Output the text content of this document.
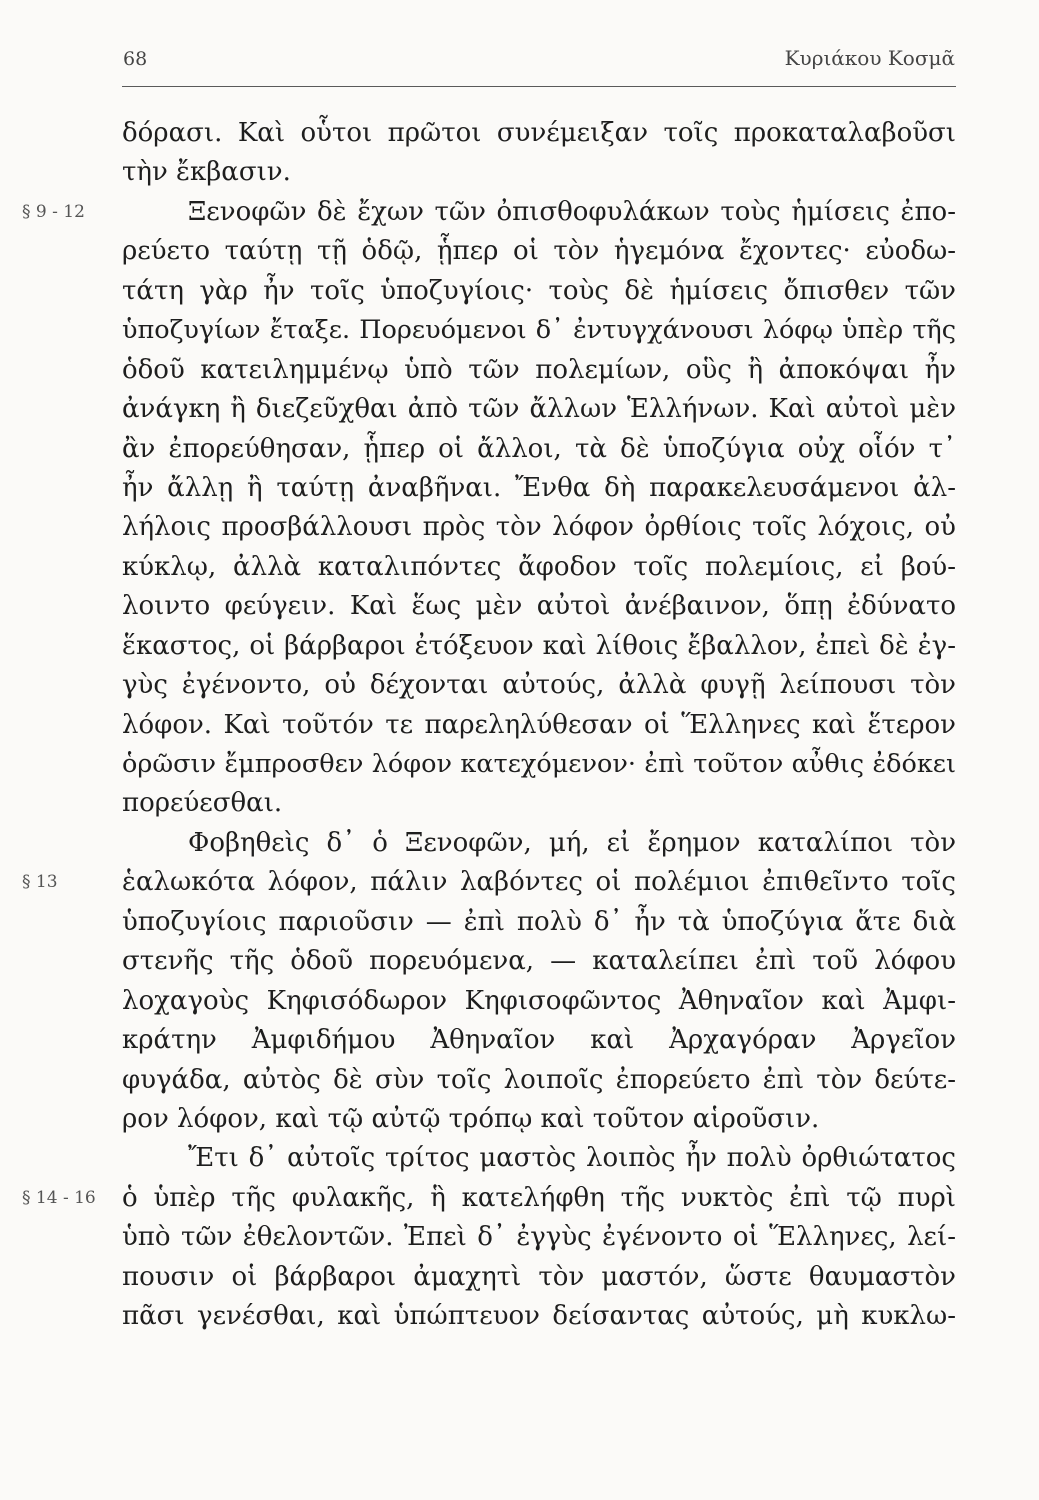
68	Κυριάκου Κοσμᾶ
§ 9 - 12
§ 13
§ 14 - 16
δόρασι. Καὶ οὗτοι πρῶτοι συνέμειξαν τοῖς προκαταλαβοῦσι
τὴν ἔκβασιν.
Ξενοφῶν δὲ ἔχων τῶν ὀπισθοφυλάκων τοὺς ἡμίσεις ἐπο-
ρεύετο ταύτῃ τῇ ὁδῷ, ᾗπερ οἱ τὸν ἡγεμόνα ἔχοντες· εὐοδω-
τάτη γὰρ ἦν τοῖς ὑποζυγίοις· τοὺς δὲ ἡμίσεις ὄπισθεν τῶν
ὑποζυγίων ἔταξε. Πορευόμενοι δ᾽ ἐντυγχάνουσι λόφῳ ὑπὲρ τῆς
ὁδοῦ κατειλημμένῳ ὑπὸ τῶν πολεμίων, οὓς ἢ ἀποκόψαι ἦν
ἀνάγκη ἢ διεζεῦχθαι ἀπὸ τῶν ἄλλων Ἑλλήνων. Καὶ αὐτοὶ μὲν
ἂν ἐπορεύθησαν, ᾗπερ οἱ ἄλλοι, τὰ δὲ ὑποζύγια οὐχ οἷόν τ᾽
ἦν ἄλλῃ ἢ ταύτῃ ἀναβῆναι. Ἔνθα δὴ παρακελευσάμενοι ἀλ-
λήλοις προσβάλλουσι πρὸς τὸν λόφον ὀρθίοις τοῖς λόχοις, οὐ
κύκλῳ, ἀλλὰ καταλιπόντες ἄφοδον τοῖς πολεμίοις, εἰ βού-
λοιντο φεύγειν. Καὶ ἕως μὲν αὐτοὶ ἀνέβαινον, ὅπῃ ἐδύνατο
ἕκαστος, οἱ βάρβαροι ἐτόξευον καὶ λίθοις ἔβαλλον, ἐπεὶ δὲ ἐγ-
γὺς ἐγένοντο, οὐ δέχονται αὐτούς, ἀλλὰ φυγῇ λείπουσι τὸν
λόφον. Καὶ τοῦτόν τε παρεληλύθεσαν οἱ Ἕλληνες καὶ ἕτερον
ὁρῶσιν ἔμπροσθεν λόφον κατεχόμενον· ἐπὶ τοῦτον αὖθις ἐδόκει
πορεύεσθαι.
Φοβηθεὶς δ᾽ ὁ Ξενοφῶν, μή, εἰ ἔρημον καταλίποι τὸν
ἑαλωκότα λόφον, πάλιν λαβόντες οἱ πολέμιοι ἐπιθεῖντο τοῖς
ὑποζυγίοις παριοῦσιν — ἐπὶ πολὺ δ᾽ ἦν τὰ ὑποζύγια ἅτε διὰ
στενῆς τῆς ὁδοῦ πορευόμενα, — καταλείπει ἐπὶ τοῦ λόφου
λοχαγοὺς Κηφισόδωρον Κηφισοφῶντος Ἀθηναῖον καὶ Ἀμφι-
κράτην Ἀμφιδήμου Ἀθηναῖον καὶ Ἀρχαγόραν Ἀργεῖον
φυγάδα, αὐτὸς δὲ σὺν τοῖς λοιποῖς ἐπορεύετο ἐπὶ τὸν δεύτε-
ρον λόφον, καὶ τῷ αὐτῷ τρόπῳ καὶ τοῦτον αἱροῦσιν.
Ἔτι δ᾽ αὐτοῖς τρίτος μαστὸς λοιπὸς ἦν πολὺ ὀρθιώτατος
ὁ ὑπὲρ τῆς φυλακῆς, ἣ κατελήφθη τῆς νυκτὸς ἐπὶ τῷ πυρὶ
ὑπὸ τῶν ἐθελοντῶν. Ἐπεὶ δ᾽ ἐγγὺς ἐγένοντο οἱ Ἕλληνες, λεί-
πουσιν οἱ βάρβαροι ἀμαχητὶ τὸν μαστόν, ὥστε θαυμαστὸν
πᾶσι γενέσθαι, καὶ ὑπώπτευον δείσαντας αὐτούς, μὴ κυκλω-
